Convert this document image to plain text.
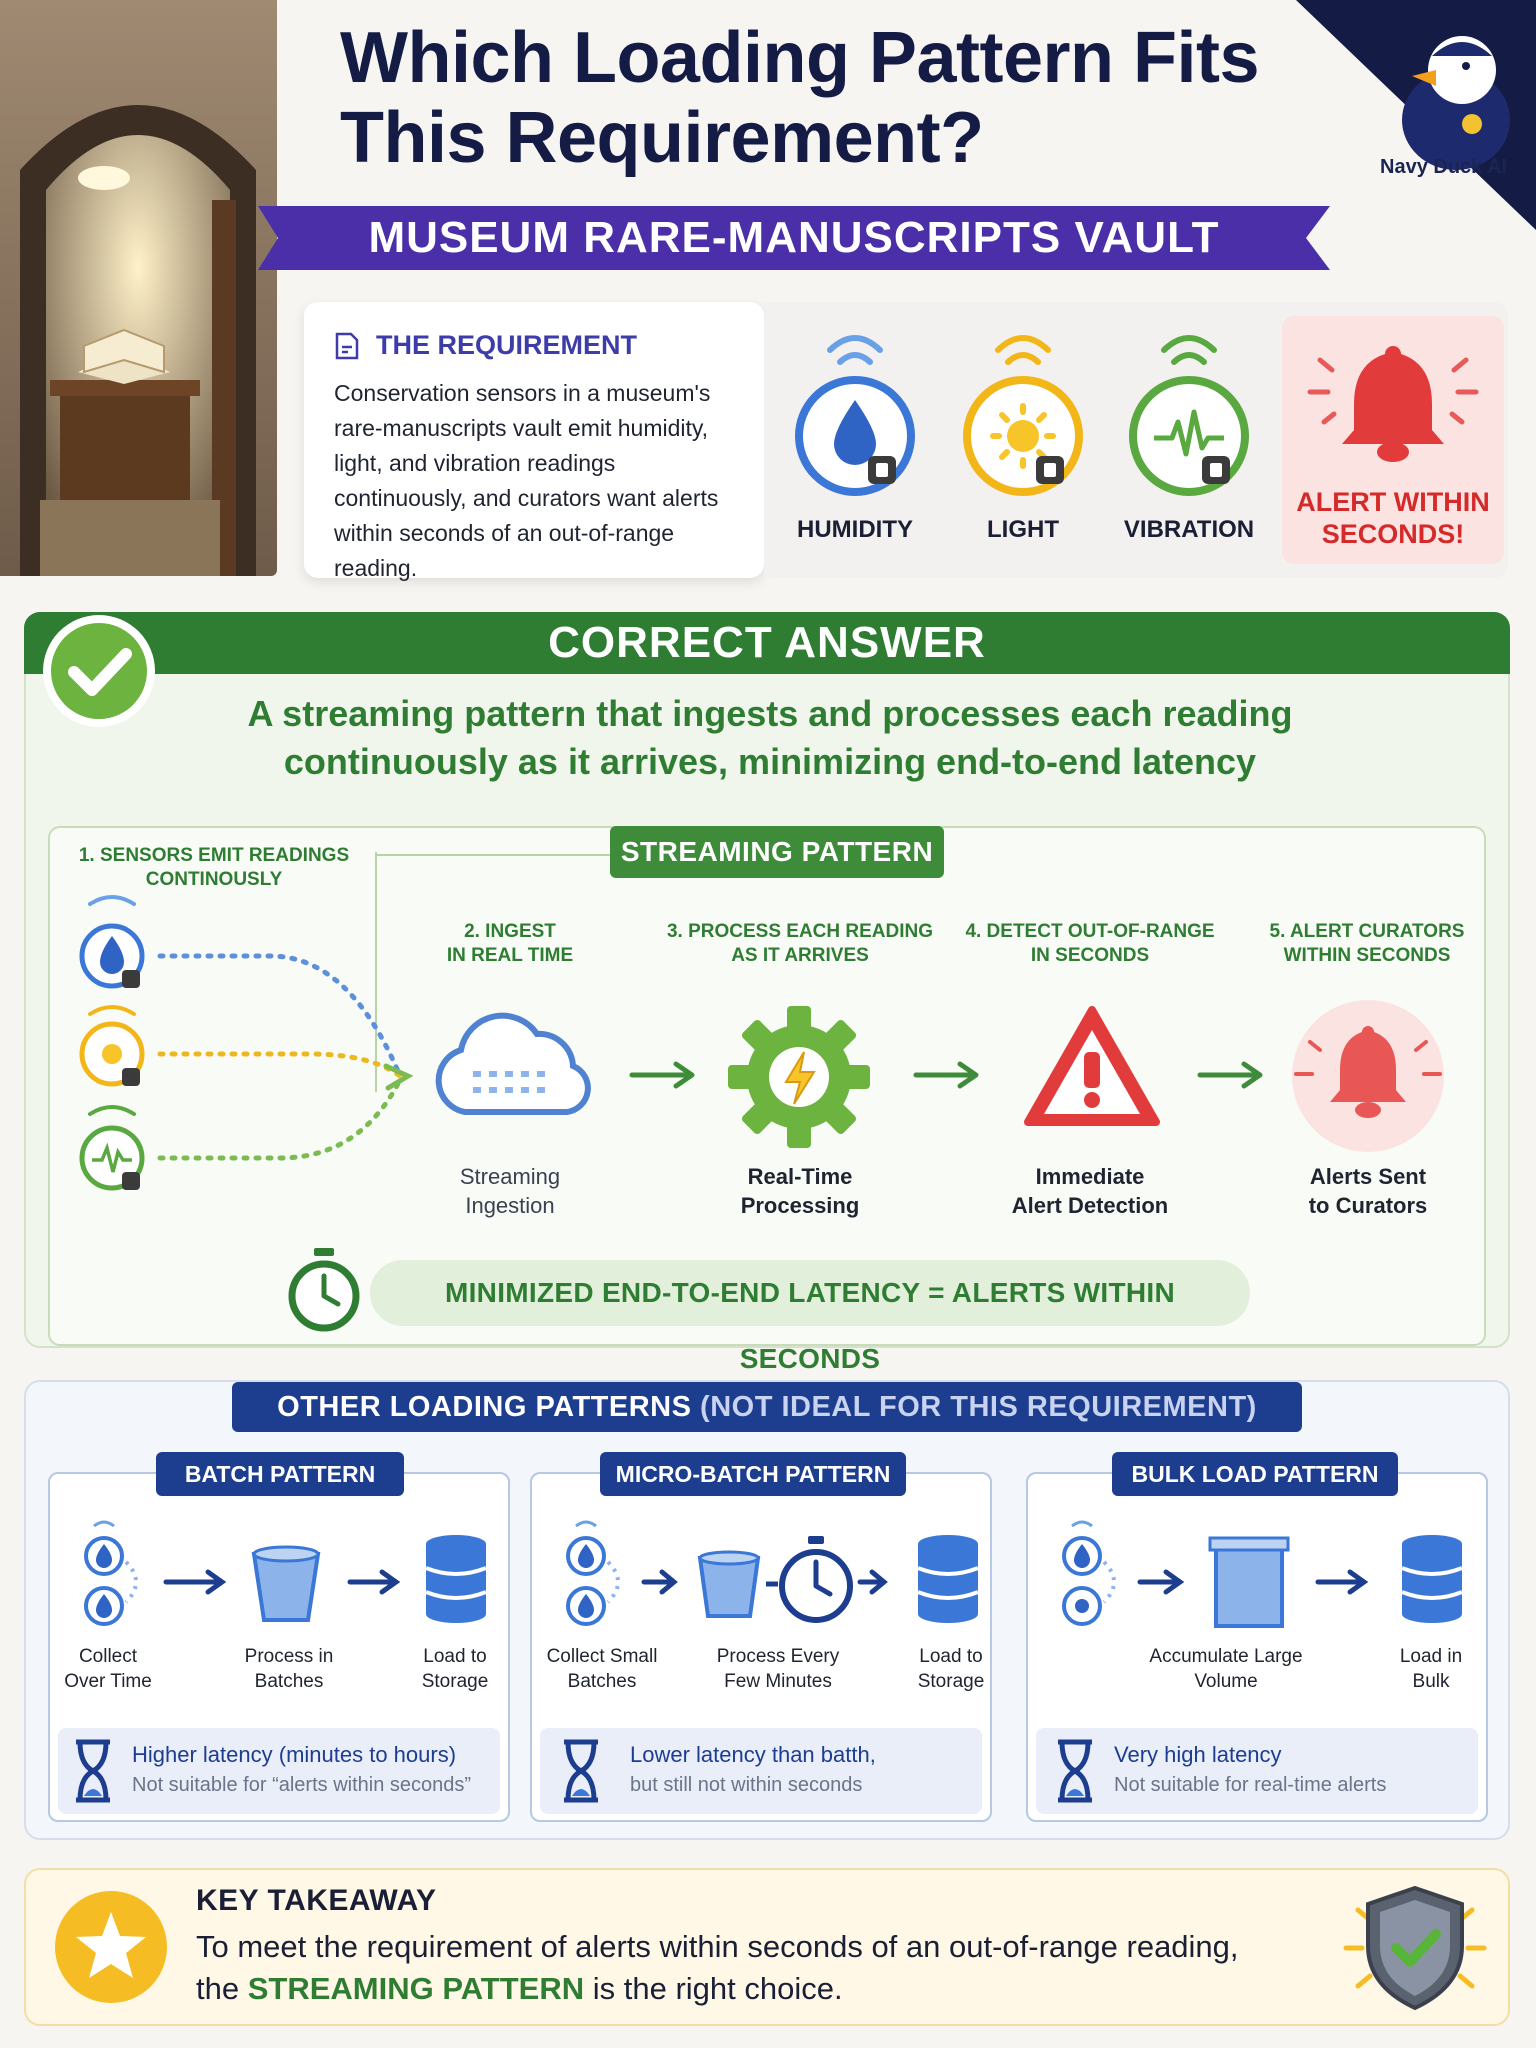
Which Loading Pattern Fits
This Requirement?
MUSEUM RARE-MANUSCRIPTS VAULT
Navy Duck AI
THE REQUIREMENT
Conservation sensors in a museum's rare-manuscripts vault emit humidity, light, and vibration readings continuously, and curators want alerts within seconds of an out-of-range reading.
HUMIDITY	LIGHT	VIBRATION
ALERT WITHIN
SECONDS!
CORRECT ANSWER
A streaming pattern that ingests and processes each reading
continuously as it arrives, minimizing end-to-end latency
STREAMING PATTERN
1. SENSORS EMIT READINGS
CONTINOUSLY
2. INGEST
IN REAL TIME
Streaming
Ingestion
3. PROCESS EACH READING
AS IT ARRIVES
Real-Time
Processing
4. DETECT OUT-OF-RANGE
IN SECONDS
Immediate
Alert Detection
5. ALERT CURATORS
WITHIN SECONDS
Alerts Sent
to Curators
MINIMIZED END-TO-END LATENCY = ALERTS WITHIN SECONDS
OTHER LOADING PATTERNS (NOT IDEAL FOR THIS REQUIREMENT)
BATCH PATTERN
Collect
Over Time
Process in
Batches
Load to
Storage
Higher latency (minutes to hours)
Not suitable for “alerts within seconds”
MICRO-BATCH PATTERN
Collect Small
Batches
Process Every
Few Minutes
Load to
Storage
Lower latency than batth,
but still not within seconds
BULK LOAD PATTERN
Accumulate Large
Volume
Load in
Bulk
Very high latency
Not suitable for real-time alerts
KEY TAKEAWAY
To meet the requirement of alerts within seconds of an out-of-range reading,
the STREAMING PATTERN is the right choice.
